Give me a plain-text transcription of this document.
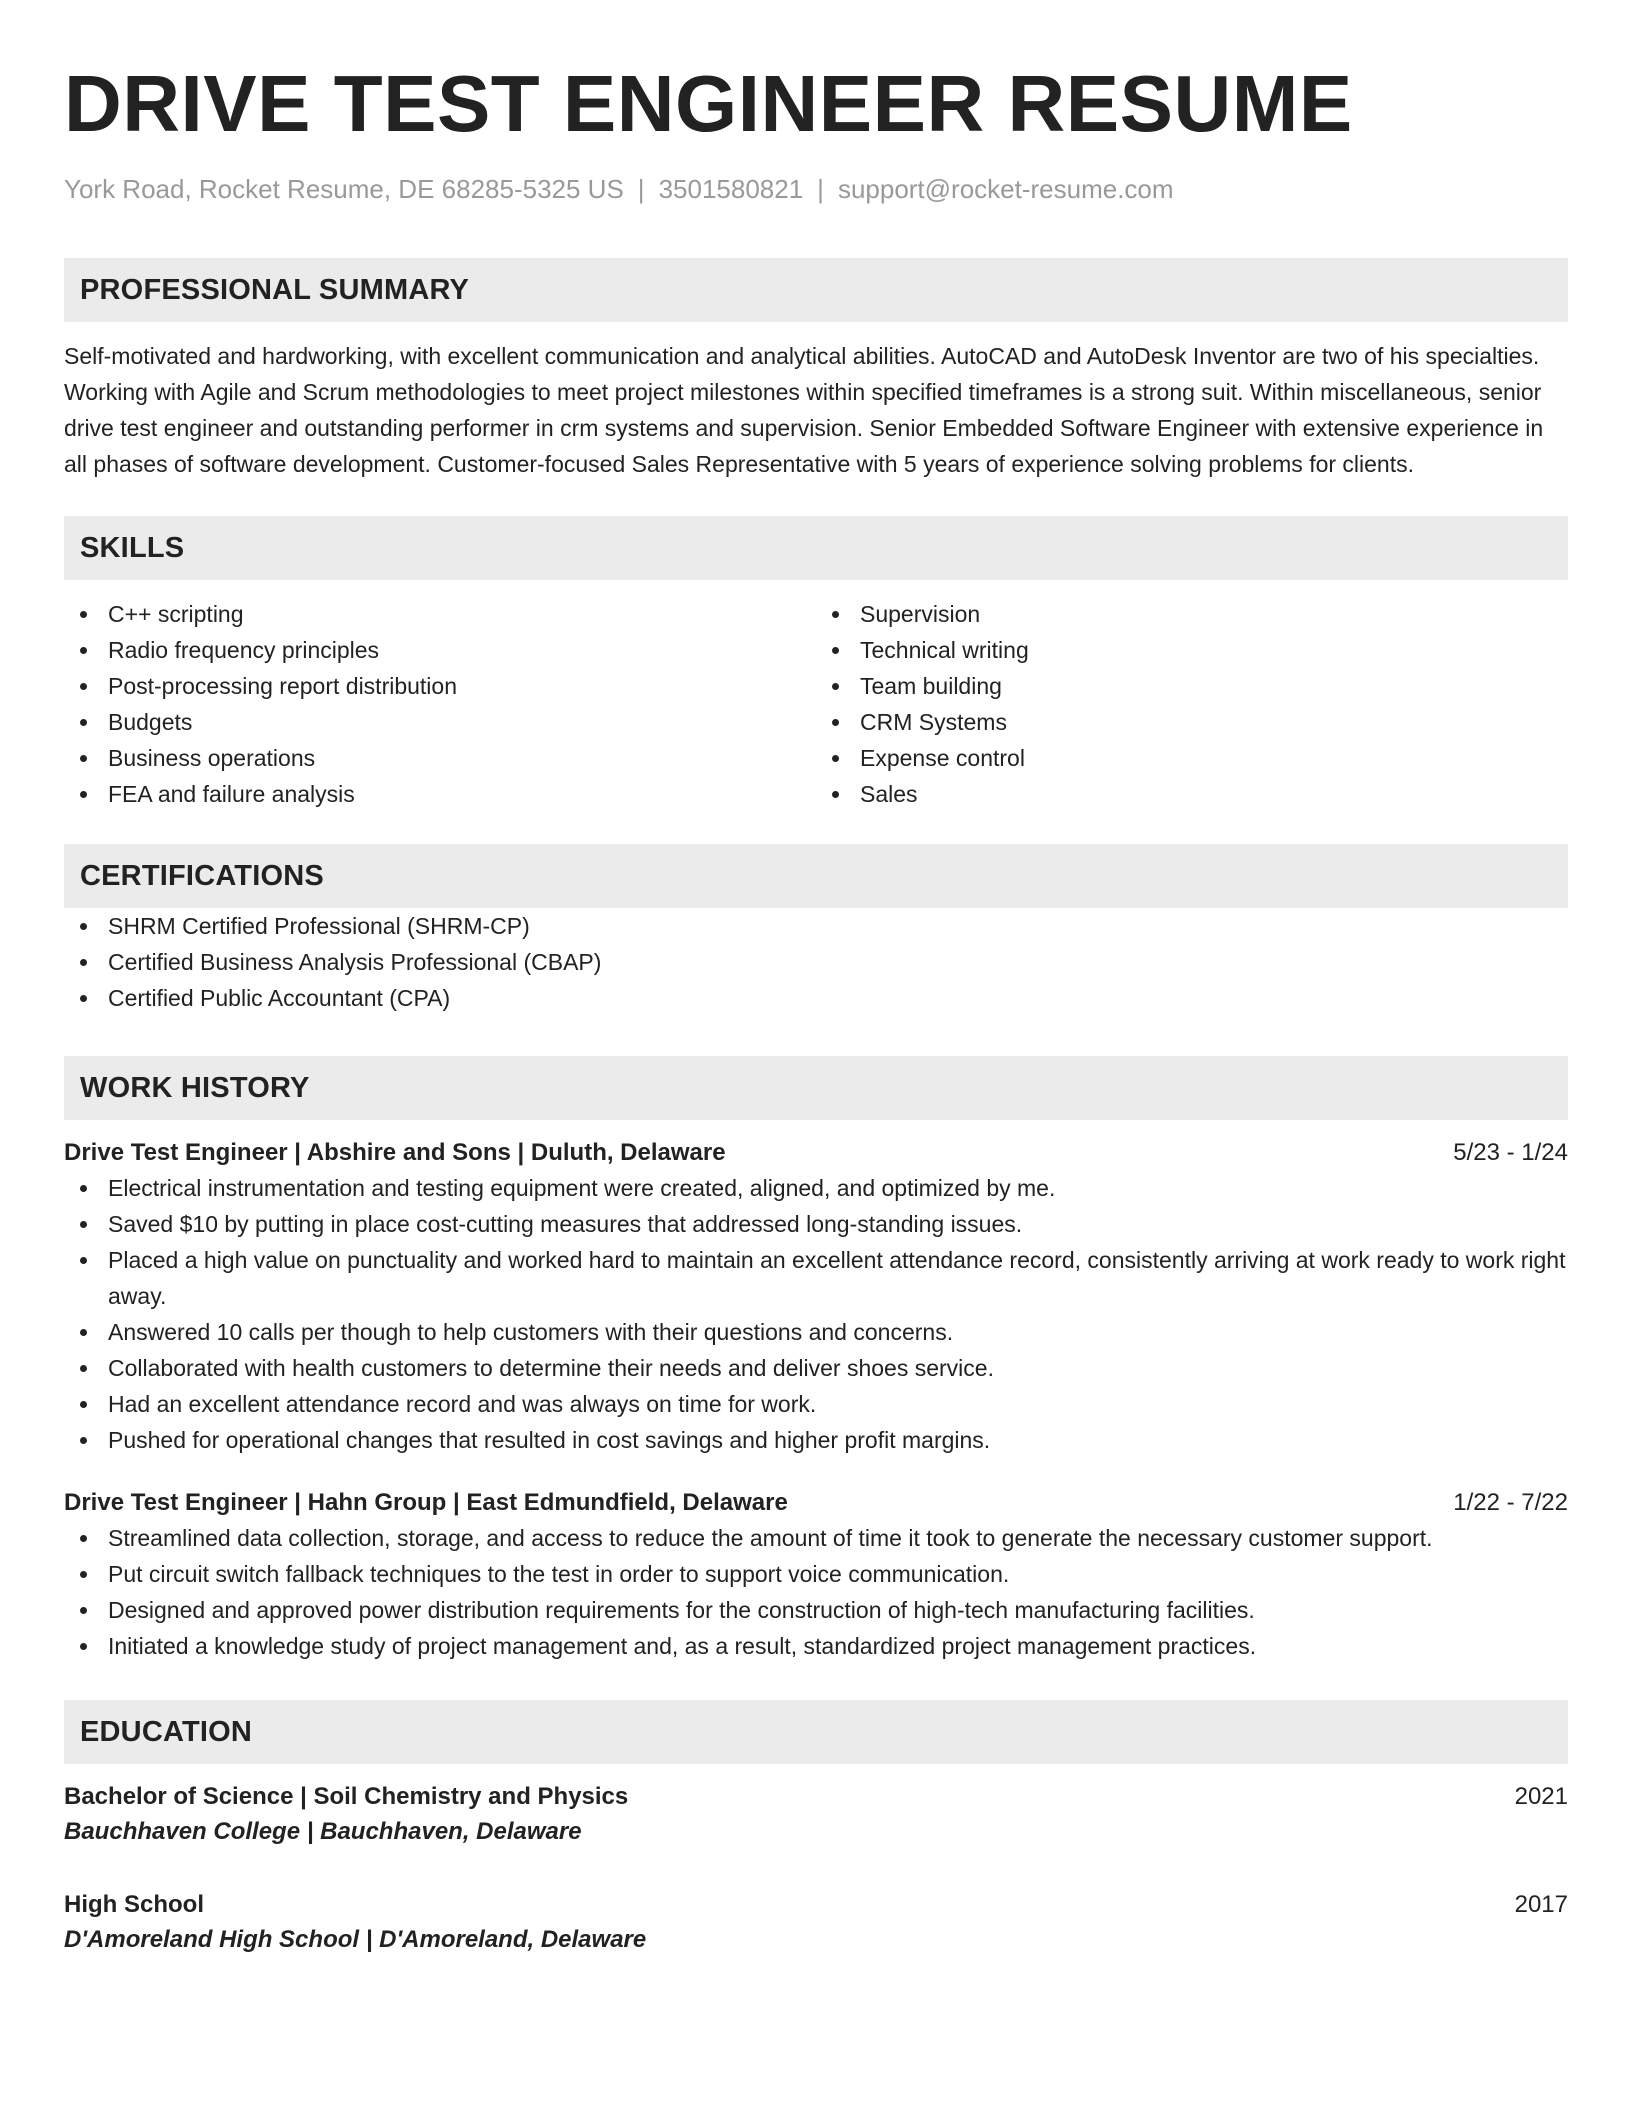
DRIVE TEST ENGINEER RESUME
York Road, Rocket Resume, DE 68285-5325 US | 3501580821 | support@rocket-resume.com
PROFESSIONAL SUMMARY

Self-motivated and hardworking, with excellent communication and analytical abilities. AutoCAD and AutoDesk Inventor are two of his specialties. Working with Agile and Scrum methodologies to meet project milestones within specified timeframes is a strong suit. Within miscellaneous, senior drive test engineer and outstanding performer in crm systems and supervision. Senior Embedded Software Engineer with extensive experience in all phases of software development. Customer-focused Sales Representative with 5 years of experience solving problems for clients.

SKILLS
C++ scripting
Radio frequency principles
Post-processing report distribution
Budgets
Business operations
FEA and failure analysis
Supervision
Technical writing
Team building
CRM Systems
Expense control
Sales
CERTIFICATIONS
SHRM Certified Professional (SHRM-CP)
Certified Business Analysis Professional (CBAP)
Certified Public Accountant (CPA)
WORK HISTORY
Drive Test Engineer | Abshire and Sons | Duluth, Delaware	5/23 - 1/24
Electrical instrumentation and testing equipment were created, aligned, and optimized by me.
Saved $10 by putting in place cost-cutting measures that addressed long-standing issues.
Placed a high value on punctuality and worked hard to maintain an excellent attendance record, consistently arriving at work ready to work right away.
Answered 10 calls per though to help customers with their questions and concerns.
Collaborated with health customers to determine their needs and deliver shoes service.
Had an excellent attendance record and was always on time for work.
Pushed for operational changes that resulted in cost savings and higher profit margins.
Drive Test Engineer | Hahn Group | East Edmundfield, Delaware	1/22 - 7/22
Streamlined data collection, storage, and access to reduce the amount of time it took to generate the necessary customer support.
Put circuit switch fallback techniques to the test in order to support voice communication.
Designed and approved power distribution requirements for the construction of high-tech manufacturing facilities.
Initiated a knowledge study of project management and, as a result, standardized project management practices.
EDUCATION
Bachelor of Science | Soil Chemistry and Physics	2021
Bauchhaven College | Bauchhaven, Delaware
High School	2017
D'Amoreland High School | D'Amoreland, Delaware
